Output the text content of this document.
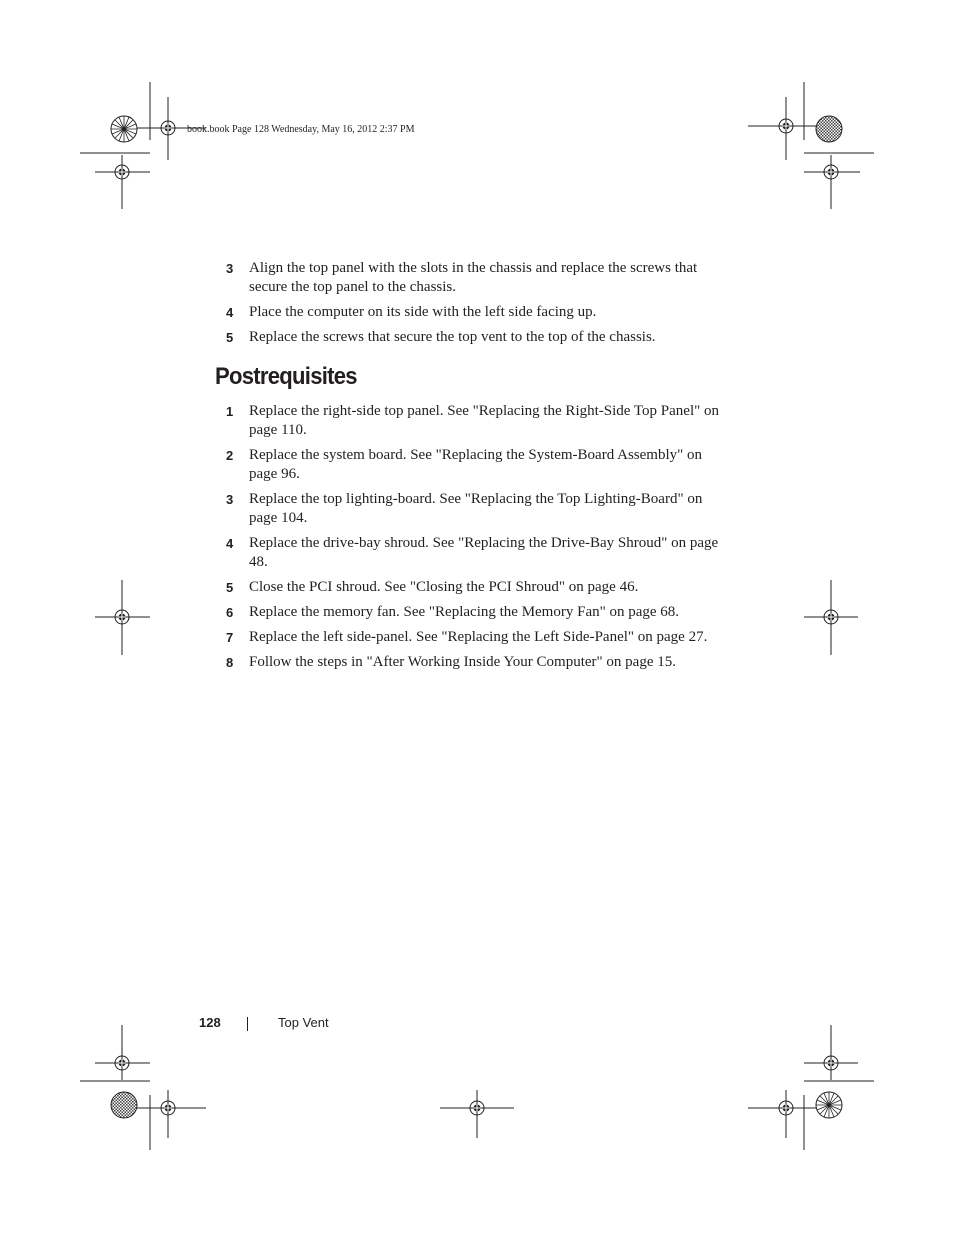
book.book Page 128 Wednesday, May 16, 2012 2:37 PM
3 Align the top panel with the slots in the chassis and replace the screws that secure the top panel to the chassis.
4 Place the computer on its side with the left side facing up.
5 Replace the screws that secure the top vent to the top of the chassis.
Postrequisites
1 Replace the right-side top panel. See "Replacing the Right-Side Top Panel" on page 110.
2 Replace the system board. See "Replacing the System-Board Assembly" on page 96.
3 Replace the top lighting-board. See "Replacing the Top Lighting-Board" on page 104.
4 Replace the drive-bay shroud. See "Replacing the Drive-Bay Shroud" on page 48.
5 Close the PCI shroud. See "Closing the PCI Shroud" on page 46.
6 Replace the memory fan. See "Replacing the Memory Fan" on page 68.
7 Replace the left side-panel. See "Replacing the Left Side-Panel" on page 27.
8 Follow the steps in "After Working Inside Your Computer" on page 15.
128	Top Vent
